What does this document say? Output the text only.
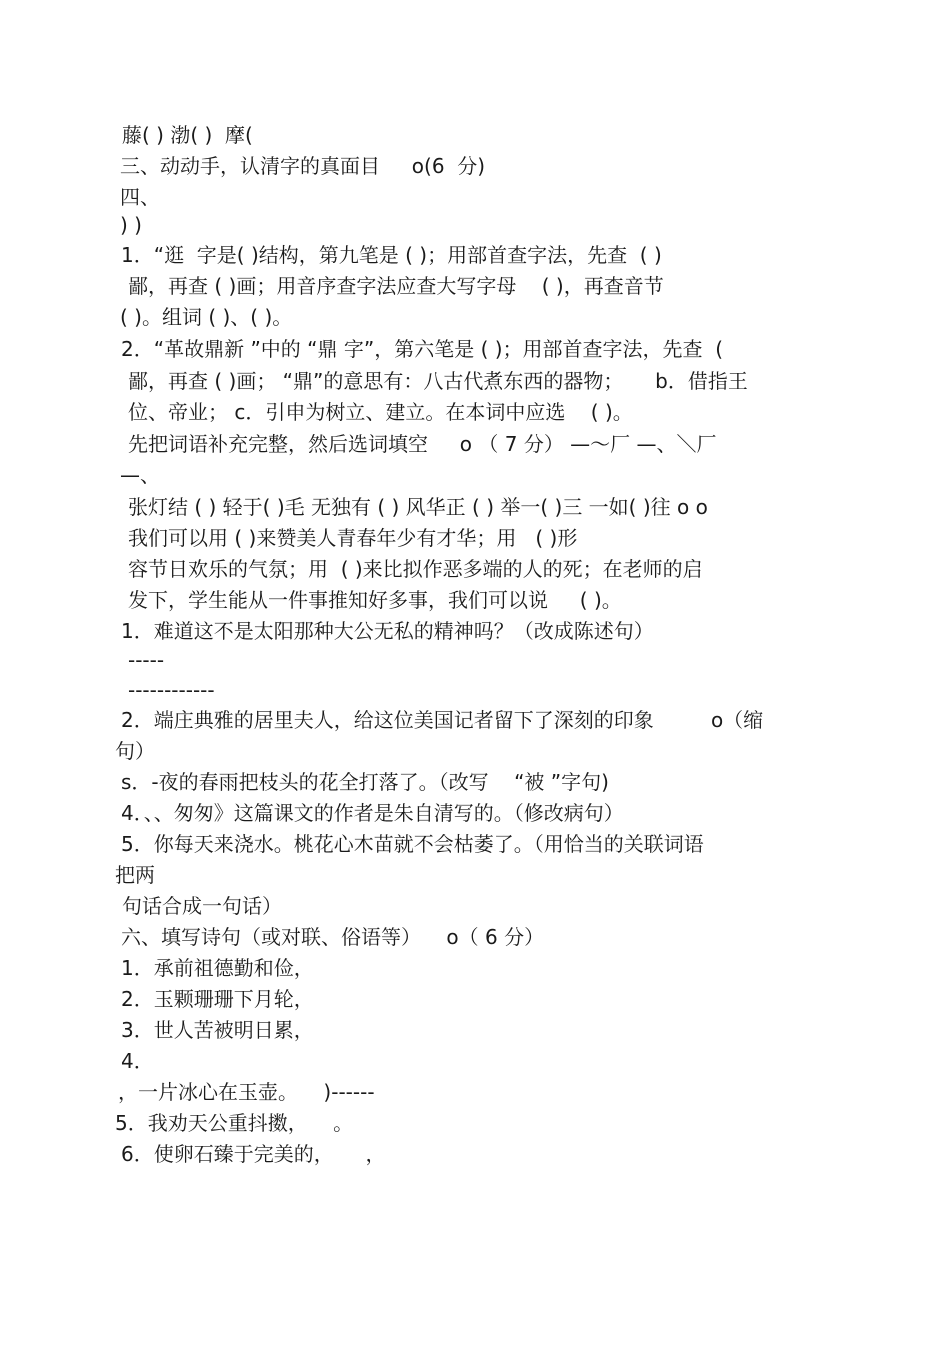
藤( ) 渤( )  摩(
三、动动手，认清字的真面目     o(6  分)
四、
) )
1．“逛  字是( )结构，第九笔是 ( )；用部首查字法，先查  ( )
鄙，再查 ( )画；用音序查字法应查大写字母    ( )，再查音节
( )。组词 ( )、( )。
2．“革故鼎新 ”中的 “鼎 字”，第六笔是 ( )；用部首查字法，先查  (
鄙，再查 ( )画； “鼎”的意思有：八古代煮东西的器物；     b．借指王
位、帝业； c．引申为树立、建立。在本词中应选    ( )。
先把词语补充完整，然后选词填空     o （ 7 分） —～厂 —、＼厂
—、
张灯结 ( ) 轻于( )毛 无独有 ( ) 风华正 ( ) 举一( )三 一如( )往 o o
我们可以用 ( )来赞美人青春年少有才华；用   ( )形
容节日欢乐的气氛；用  ( )来比拟作恶多端的人的死；在老师的启
发下，学生能从一件事推知好多事，我们可以说     ( )。
1．难道这不是太阳那种大公无私的精神吗？（改成陈述句）
-----
------------
2．端庄典雅的居里夫人，给这位美国记者留下了深刻的印象         o（缩
句）
s．-夜的春雨把枝头的花全打落了。（改写    “被 ”字句)
4．、、匆匆》这篇课文的作者是朱自清写的。（修改病句）
5．你每天来浇水。桃花心木苗就不会枯萎了。（用恰当的关联词语
把两
句话合成一句话）
六、填写诗句（或对联、俗语等）    o（ 6 分）
1．承前祖德勤和俭，
2．玉颗珊珊下月轮，
3．世人苦被明日累，
4．
，一片冰心在玉壶。    )------
5．我劝天公重抖擞，    。
6．使卵石臻于完美的，     ，
